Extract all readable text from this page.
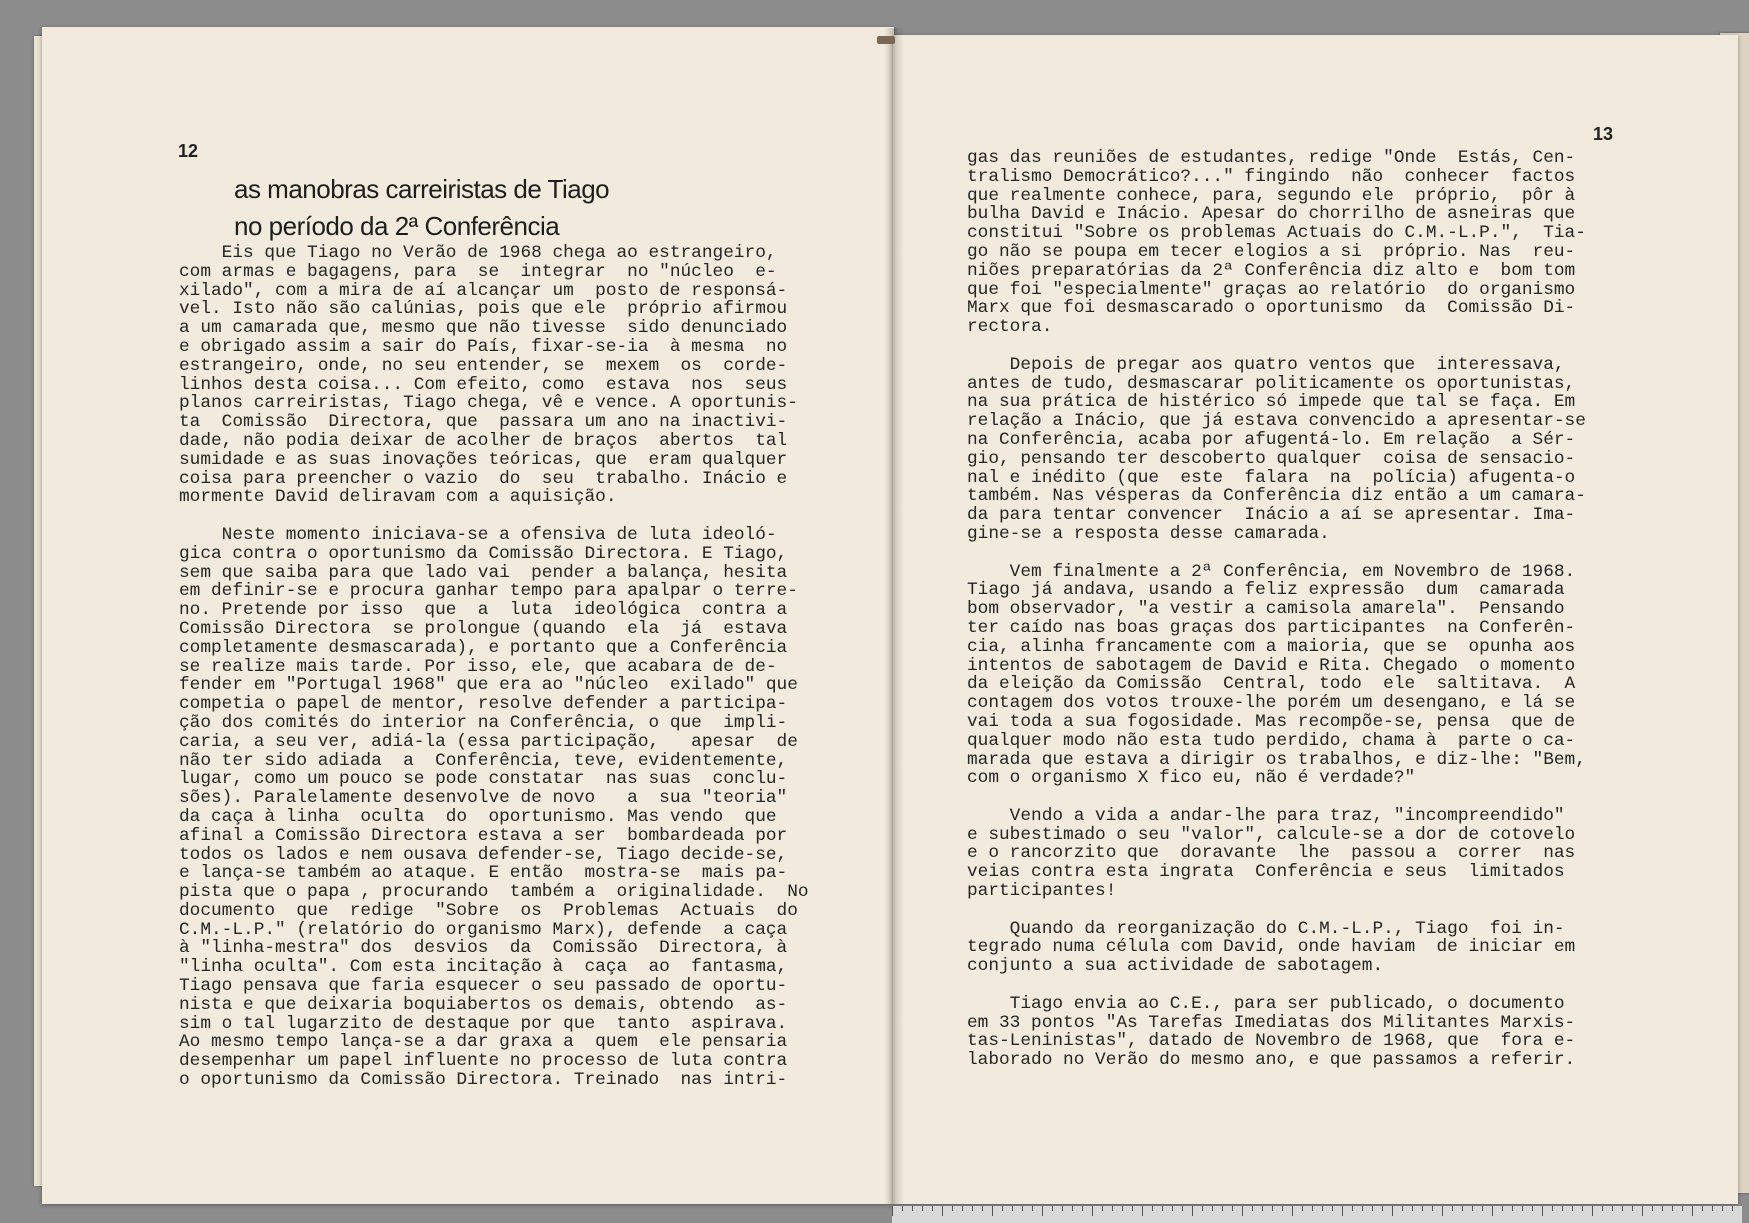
12
as manobras carreiristas de Tiago
no período da 2ª Conferência
Eis que Tiago no Verão de 1968 chega ao estrangeiro,
com armas e bagagens, para  se  integrar  no "núcleo  e-
xilado", com a mira de aí alcançar um  posto de responsá-
vel. Isto não são calúnias, pois que ele  próprio afirmou
a um camarada que, mesmo que não tivesse  sido denunciado
e obrigado assim a sair do País, fixar-se-ia  à mesma  no
estrangeiro, onde, no seu entender, se  mexem  os  corde-
linhos desta coisa... Com efeito, como  estava  nos  seus
planos carreiristas, Tiago chega, vê e vence. A oportunis-
ta  Comissão  Directora, que  passara um ano na inactivi-
dade, não podia deixar de acolher de braços  abertos  tal
sumidade e as suas inovações teóricas, que  eram qualquer
coisa para preencher o vazio  do  seu  trabalho. Inácio e
mormente David deliravam com a aquisição.

Neste momento iniciava-se a ofensiva de luta ideoló-
gica contra o oportunismo da Comissão Directora. E Tiago,
sem que saiba para que lado vai  pender a balança, hesita
em definir-se e procura ganhar tempo para apalpar o terre-
no. Pretende por isso  que  a  luta  ideológica  contra a
Comissão Directora  se prolongue (quando  ela  já  estava
completamente desmascarada), e portanto que a Conferência
se realize mais tarde. Por isso, ele, que acabara de de-
fender em "Portugal 1968" que era ao "núcleo  exilado" que
competia o papel de mentor, resolve defender a participa-
ção dos comités do interior na Conferência, o que  impli-
caria, a seu ver, adiá-la (essa participação,   apesar  de
não ter sido adiada  a  Conferência, teve, evidentemente,
lugar, como um pouco se pode constatar  nas suas  conclu-
sões). Paralelamente desenvolve de novo   a  sua "teoria"
da caça à linha  oculta  do  oportunismo. Mas vendo  que
afinal a Comissão Directora estava a ser  bombardeada por
todos os lados e nem ousava defender-se, Tiago decide-se,
e lança-se também ao ataque. E então  mostra-se  mais pa-
pista que o papa , procurando  também a  originalidade.  No
documento  que  redige  "Sobre  os  Problemas  Actuais  do
C.M.-L.P." (relatório do organismo Marx), defende  a caça
à "linha-mestra" dos  desvios  da  Comissão  Directora, à
"linha oculta". Com esta incitação à  caça  ao  fantasma,
Tiago pensava que faria esquecer o seu passado de oportu-
nista e que deixaria boquiabertos os demais, obtendo  as-
sim o tal lugarzito de destaque por que  tanto  aspirava.
Ao mesmo tempo lança-se a dar graxa a  quem  ele pensaria
desempenhar um papel influente no processo de luta contra
o oportunismo da Comissão Directora. Treinado  nas intri-
13
gas das reuniões de estudantes, redige "Onde  Estás, Cen-
tralismo Democrático?..." fingindo  não  conhecer  factos
que realmente conhece, para, segundo ele  próprio,  pôr à
bulha David e Inácio. Apesar do chorrilho de asneiras que
constitui "Sobre os problemas Actuais do C.M.-L.P.",  Tia-
go não se poupa em tecer elogios a si  próprio. Nas  reu-
niões preparatórias da 2ª Conferência diz alto e  bom tom
que foi "especialmente" graças ao relatório  do organismo
Marx que foi desmascarado o oportunismo  da  Comissão Di-
rectora.

Depois de pregar aos quatro ventos que  interessava,
antes de tudo, desmascarar politicamente os oportunistas,
na sua prática de histérico só impede que tal se faça. Em
relação a Inácio, que já estava convencido a apresentar-se
na Conferência, acaba por afugentá-lo. Em relação  a Sér-
gio, pensando ter descoberto qualquer  coisa de sensacio-
nal e inédito (que  este  falara  na  polícia) afugenta-o
também. Nas vésperas da Conferência diz então a um camara-
da para tentar convencer  Inácio a aí se apresentar. Ima-
gine-se a resposta desse camarada.

Vem finalmente a 2ª Conferência, em Novembro de 1968.
Tiago já andava, usando a feliz expressão  dum  camarada
bom observador, "a vestir a camisola amarela".  Pensando
ter caído nas boas graças dos participantes  na Conferên-
cia, alinha francamente com a maioria, que se  opunha aos
intentos de sabotagem de David e Rita. Chegado  o momento
da eleição da Comissão  Central, todo  ele  saltitava.  A
contagem dos votos trouxe-lhe porém um desengano, e lá se
vai toda a sua fogosidade. Mas recompõe-se, pensa  que de
qualquer modo não esta tudo perdido, chama à  parte o ca-
marada que estava a dirigir os trabalhos, e diz-lhe: "Bem,
com o organismo X fico eu, não é verdade?"

Vendo a vida a andar-lhe para traz, "incompreendido"
e subestimado o seu "valor", calcule-se a dor de cotovelo
e o rancorzito que  doravante  lhe  passou a  correr  nas
veias contra esta ingrata  Conferência e seus  limitados
participantes!

Quando da reorganização do C.M.-L.P., Tiago  foi in-
tegrado numa célula com David, onde haviam  de iniciar em
conjunto a sua actividade de sabotagem.

Tiago envia ao C.E., para ser publicado, o documento
em 33 pontos "As Tarefas Imediatas dos Militantes Marxis-
tas-Leninistas", datado de Novembro de 1968, que  fora e-
laborado no Verão do mesmo ano, e que passamos a referir.
